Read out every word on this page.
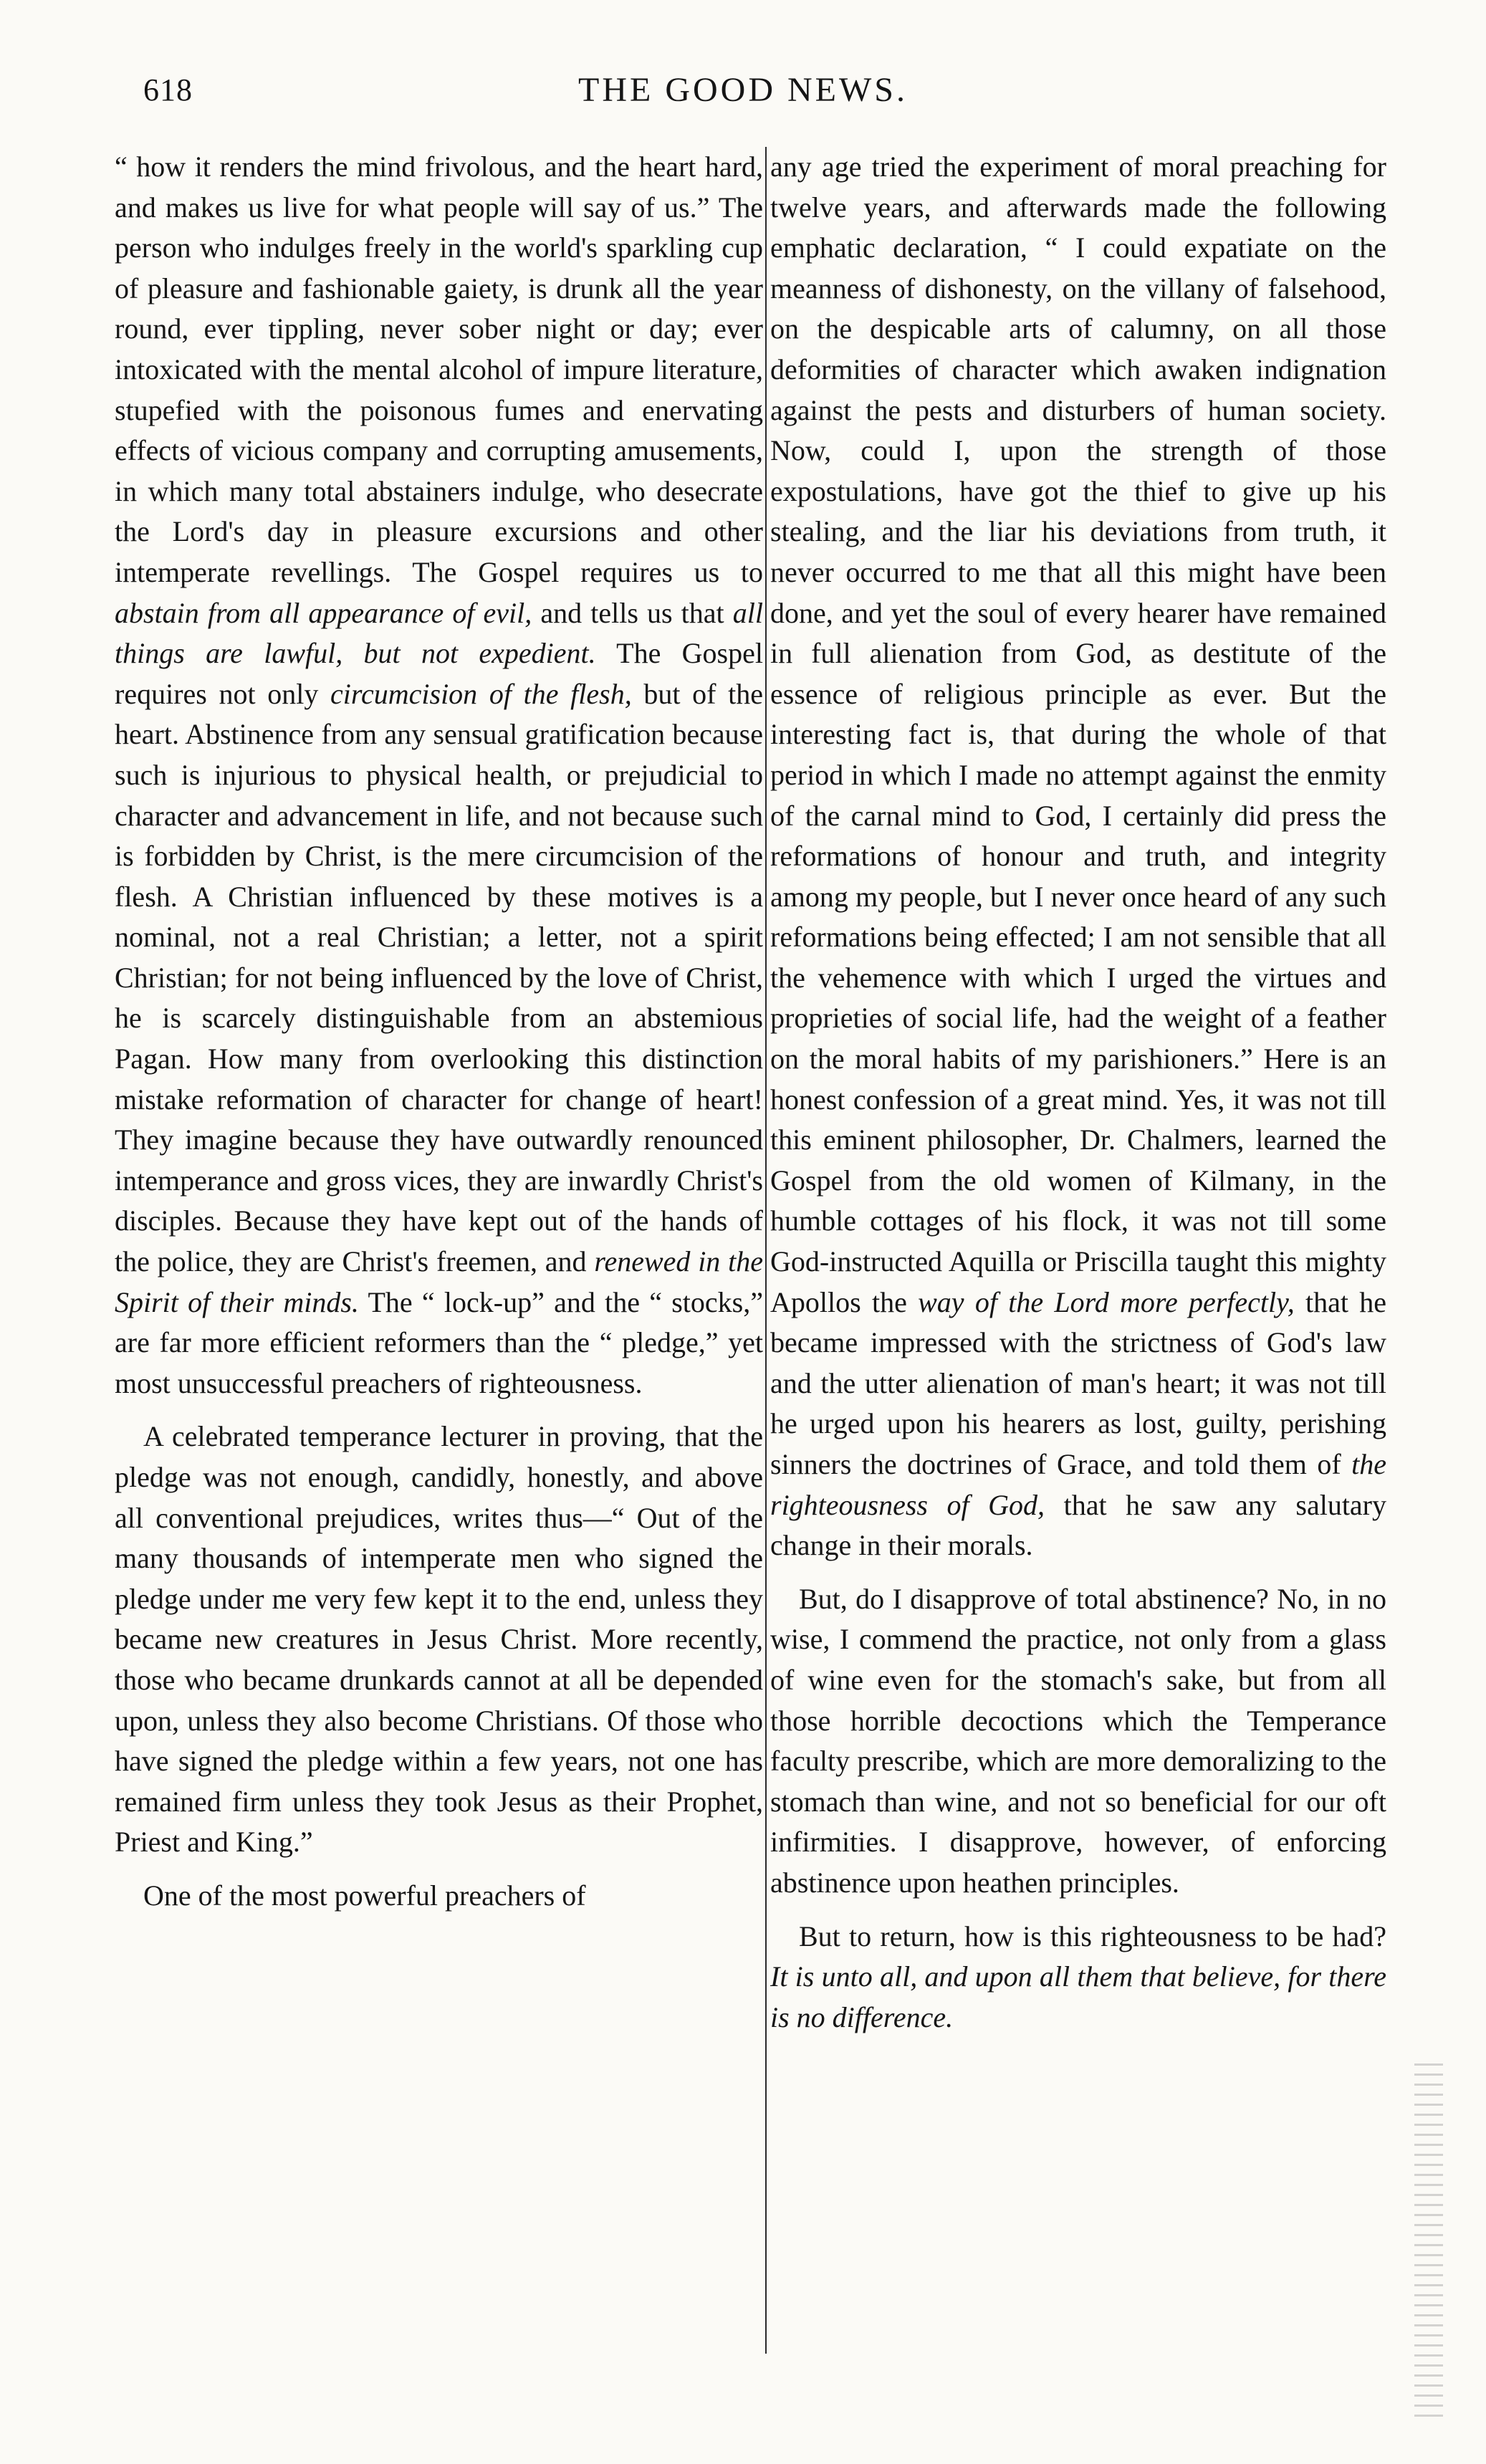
618	THE GOOD NEWS.

“ how it renders the mind frivolous, and the heart hard, and makes us live for what people will say of us.” The person who indulges freely in the world's sparkling cup of pleasure and fashionable gaiety, is drunk all the year round, ever tippling, never sober night or day; ever intoxicated with the mental alcohol of impure literature, stupefied with the poisonous fumes and enervating effects of vicious company and corrupting amusements, in which many total abstainers indulge, who desecrate the Lord's day in pleasure excursions and other intemperate revellings. The Gospel requires us to abstain from all appearance of evil, and tells us that all things are lawful, but not expedient. The Gospel requires not only circumcision of the flesh, but of the heart. Abstinence from any sensual gratification because such is injurious to physical health, or prejudicial to character and advancement in life, and not because such is forbidden by Christ, is the mere circumcision of the flesh. A Christian influenced by these motives is a nominal, not a real Christian; a letter, not a spirit Christian; for not being influenced by the love of Christ, he is scarcely distinguishable from an abstemious Pagan. How many from overlooking this distinction mistake reformation of character for change of heart! They imagine because they have outwardly renounced intemperance and gross vices, they are inwardly Christ's disciples. Because they have kept out of the hands of the police, they are Christ's freemen, and renewed in the Spirit of their minds. The “ lock-up” and the “ stocks,” are far more efficient reformers than the “ pledge,” yet most unsuccessful preachers of righteousness.

A celebrated temperance lecturer in proving, that the pledge was not enough, candidly, honestly, and above all conventional prejudices, writes thus—“ Out of the many thousands of intemperate men who signed the pledge under me very few kept it to the end, unless they became new creatures in Jesus Christ. More recently, those who became drunkards cannot at all be depended upon, unless they also become Christians. Of those who have signed the pledge within a few years, not one has remained firm unless they took Jesus as their Prophet, Priest and King.”

One of the most powerful preachers of

any age tried the experiment of moral preaching for twelve years, and afterwards made the following emphatic declaration, “ I could expatiate on the meanness of dishonesty, on the villany of falsehood, on the despicable arts of calumny, on all those deformities of character which awaken indignation against the pests and disturbers of human society. Now, could I, upon the strength of those expostulations, have got the thief to give up his stealing, and the liar his deviations from truth, it never occurred to me that all this might have been done, and yet the soul of every hearer have remained in full alienation from God, as destitute of the essence of religious principle as ever. But the interesting fact is, that during the whole of that period in which I made no attempt against the enmity of the carnal mind to God, I certainly did press the reformations of honour and truth, and integrity among my people, but I never once heard of any such reformations being effected; I am not sensible that all the vehemence with which I urged the virtues and proprieties of social life, had the weight of a feather on the moral habits of my parishioners.” Here is an honest confession of a great mind. Yes, it was not till this eminent philosopher, Dr. Chalmers, learned the Gospel from the old women of Kilmany, in the humble cottages of his flock, it was not till some God-instructed Aquilla or Priscilla taught this mighty Apollos the way of the Lord more perfectly, that he became impressed with the strictness of God's law and the utter alienation of man's heart; it was not till he urged upon his hearers as lost, guilty, perishing sinners the doctrines of Grace, and told them of the righteousness of God, that he saw any salutary change in their morals.

But, do I disapprove of total abstinence? No, in no wise, I commend the practice, not only from a glass of wine even for the stomach's sake, but from all those horrible decoctions which the Temperance faculty prescribe, which are more demoralizing to the stomach than wine, and not so beneficial for our oft infirmities. I disapprove, however, of enforcing abstinence upon heathen principles.

But to return, how is this righteousness to be had? It is unto all, and upon all them that believe, for there is no difference.
